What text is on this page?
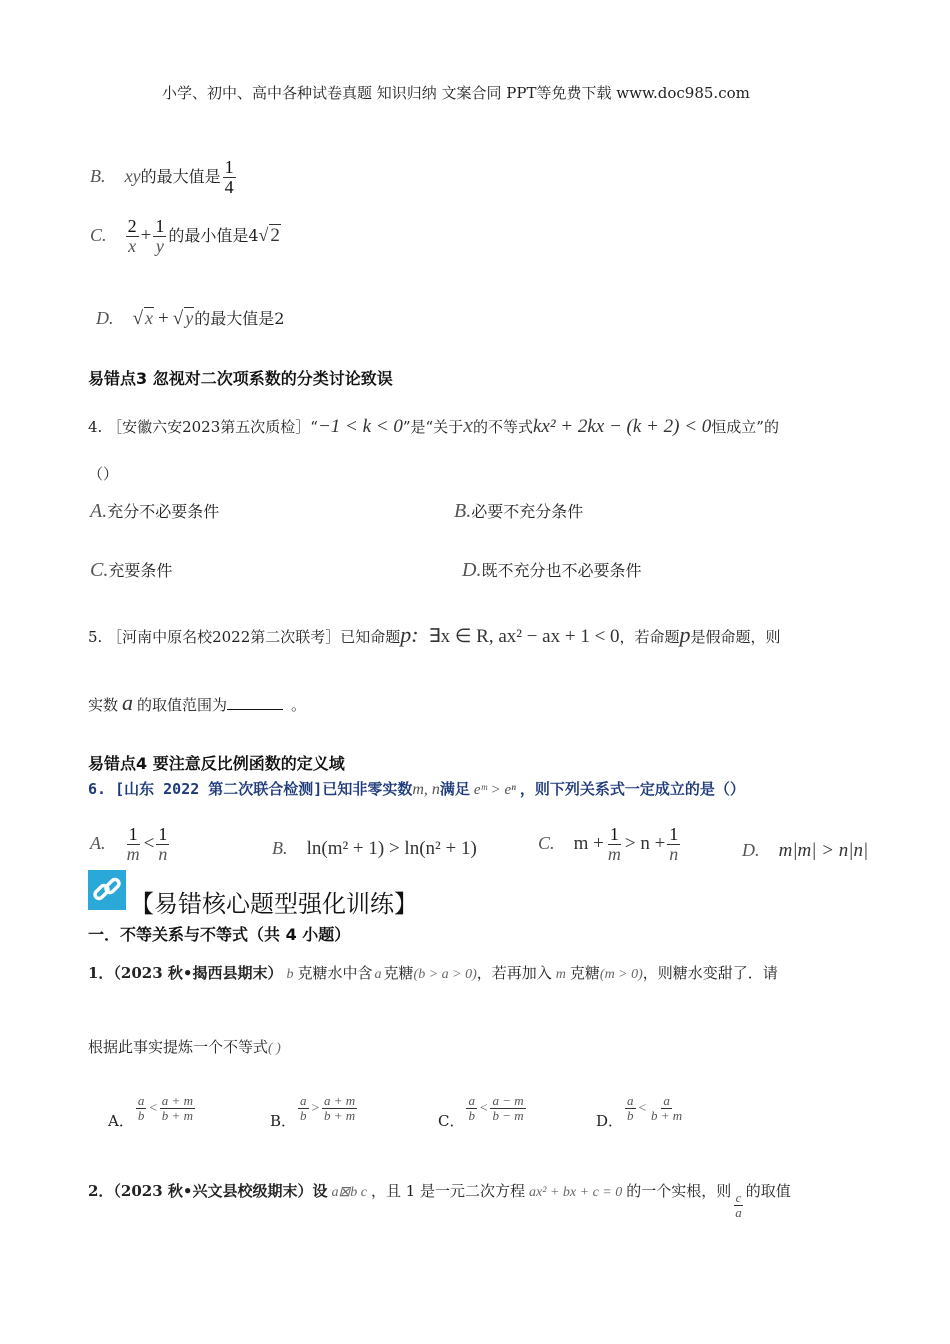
小学、初中、高中各种试卷真题 知识归纳 文案合同 PPT等免费下载 www.doc985.com
B. xy的最大值是 $\frac{1}{4}$
C. $\frac{2}{x} + \frac{1}{y}$ 的最小值是4√ 2
D. √ x + √ y的最大值是2
易错点3 忽视对二次项系数的分类讨论致误
4. ［安徽六安2023第五次质检］“−1 < k < 0”是“关于x的不等式kx² + 2kx − (k + 2) < 0恒成立”的
（）
A.充分不必要条件	B.必要不充分条件
C.充要条件	D.既不充分也不必要条件
5. ［河南中原名校2022第二次联考］已知命题p: ∃x ∈ R, ax² − ax + 1 < 0，若命题p是假命题，则
实数 a 的取值范围为	。
易错点4 要注意反比例函数的定义域
6. [山东 2022 第二次联合检测]已知非零实数m, n满足 eᵐ > eⁿ ，则下列关系式一定成立的是（）
A. $\frac{1}{m} < \frac{1}{n}$	B. ln(m² + 1) > ln(n² + 1)	C. $m + \frac{1}{m} > n + \frac{1}{n}$	D. m|m| > n|n|
【易错核心题型强化训练】
一．不等关系与不等式（共 4 小题）
1．（2023 秋•揭西县期末） b 克糖水中含 a 克糖(b > a > 0)，若再加入 m 克糖(m > 0)，则糖水变甜了．请
根据此事实提炼一个不等式( )
A． $\frac{a}{b} < \frac{a + m}{b + m}$	B． $\frac{a}{b} > \frac{a + m}{b + m}$	C． $\frac{a}{b} < \frac{a - m}{b - m}$	D． $\frac{a}{b} < \frac{a}{b + m}$
2．（2023 秋•兴文县校级期末）设 a⊠b c ，且 1 是一元二次方程 ax² + bx + c = 0 的一个实根，则 $\frac{c}{a}$ 的取值
